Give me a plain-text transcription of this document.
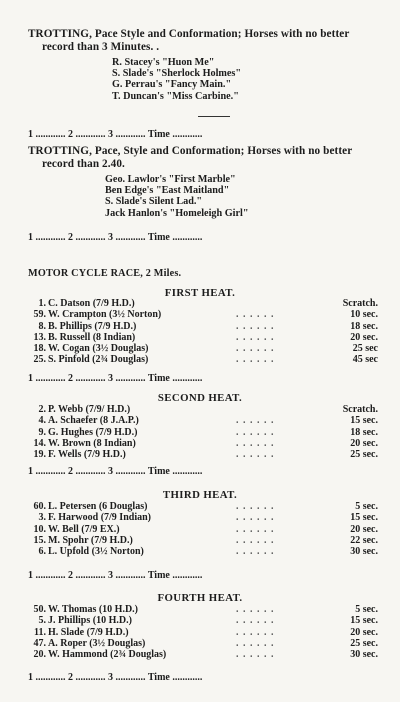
TROTTING, Pace Style and Conformation; Horses with no better
record than 3 Minutes. .
R. Stacey's "Huon Me"
S. Slade's "Sherlock Holmes"
G. Perrau's "Fancy Main."
T. Duncan's "Miss Carbine."
1 ............ 2 ............ 3 ............ Time ............
TROTTING, Pace, Style and Conformation; Horses with no better
record than 2.40.
Geo. Lawlor's "First Marble"
Ben Edge's "East Maitland"
S. Slade's Silent Lad."
Jack Hanlon's "Homeleigh Girl"
1 ............ 2 ............ 3 ............ Time ............
MOTOR CYCLE RACE, 2 Miles.
FIRST HEAT.
1. C. Datson (7/9 H.D.)	Scratch.
59. W. Crampton (3½ Norton)	. . . . . .	10 sec.
8. B. Phillips (7/9 H.D.)	. . . . . .	18 sec.
13. B. Russell (8 Indian)	. . . . . .	20 sec.
18. W. Cogan (3½ Douglas)	. . . . . .	25 sec
25. S. Pinfold (2¾ Douglas)	. . . . . .	45 sec
1 ............ 2 ............ 3 ............ Time ............
SECOND HEAT.
2. P. Webb (7/9/ H.D.)	Scratch.
4. A. Schaefer (8 J.A.P.)	. . . . . .	15 sec.
9. G. Hughes (7/9 H.D.)	. . . . . .	18 sec.
14. W. Brown (8 Indian)	. . . . . .	20 sec.
19. F. Wells (7/9 H.D.)	. . . . . .	25 sec.
1 ............ 2 ............ 3 ............ Time ............
THIRD HEAT.
60. L. Petersen (6 Douglas)	. . . . . .	5 sec.
3. F. Harwood (7/9 Indian)	. . . . . .	15 sec.
10. W. Bell (7/9 EX.)	. . . . . .	20 sec.
15. M. Spohr (7/9 H.D.)	. . . . . .	22 sec.
6. L. Upfold (3½ Norton)	. . . . . .	30 sec.
1 ............ 2 ............ 3 ............ Time ............
FOURTH HEAT.
50. W. Thomas (10 H.D.)	. . . . . .	5 sec.
5. J. Phillips (10 H.D.)	. . . . . .	15 sec.
11. H. Slade (7/9 H.D.)	. . . . . .	20 sec.
47. A. Roper (3½ Douglas)	. . . . . .	25 sec.
20. W. Hammond (2¾ Douglas)	. . . . . .	30 sec.
1 ............ 2 ............ 3 ............ Time ............
